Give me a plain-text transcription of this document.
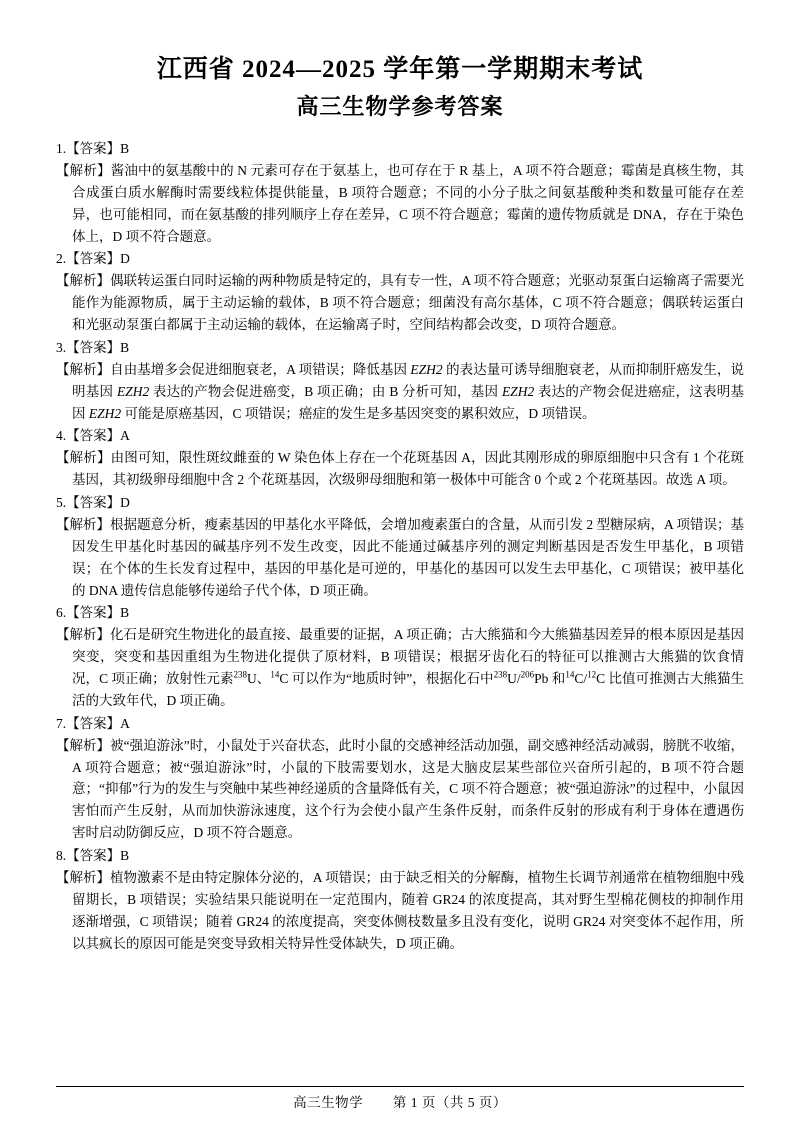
江西省 2024—2025 学年第一学期期末考试
高三生物学参考答案
1.【答案】B
【解析】酱油中的氨基酸中的 N 元素可存在于氨基上，也可存在于 R 基上，A 项不符合题意；霉菌是真核生物，其合成蛋白质水解酶时需要线粒体提供能量，B 项符合题意；不同的小分子肽之间氨基酸种类和数量可能存在差异，也可能相同，而在氨基酸的排列顺序上存在差异，C 项不符合题意；霉菌的遗传物质就是 DNA，存在于染色体上，D 项不符合题意。
2.【答案】D
【解析】偶联转运蛋白同时运输的两种物质是特定的，具有专一性，A 项不符合题意；光驱动泵蛋白运输离子需要光能作为能源物质，属于主动运输的载体，B 项不符合题意；细菌没有高尔基体，C 项不符合题意；偶联转运蛋白和光驱动泵蛋白都属于主动运输的载体，在运输离子时，空间结构都会改变，D 项符合题意。
3.【答案】B
【解析】自由基增多会促进细胞衰老，A 项错误；降低基因 EZH2 的表达量可诱导细胞衰老，从而抑制肝癌发生，说明基因 EZH2 表达的产物会促进癌变，B 项正确；由 B 分析可知，基因 EZH2 表达的产物会促进癌症，这表明基因 EZH2 可能是原癌基因，C 项错误；癌症的发生是多基因突变的累积效应，D 项错误。
4.【答案】A
【解析】由图可知，限性斑纹雌蚕的 W 染色体上存在一个花斑基因 A，因此其刚形成的卵原细胞中只含有 1 个花斑基因，其初级卵母细胞中含 2 个花斑基因，次级卵母细胞和第一极体中可能含 0 个或 2 个花斑基因。故选 A 项。
5.【答案】D
【解析】根据题意分析，瘦素基因的甲基化水平降低，会增加瘦素蛋白的含量，从而引发 2 型糖尿病，A 项错误；基因发生甲基化时基因的碱基序列不发生改变，因此不能通过碱基序列的测定判断基因是否发生甲基化，B 项错误；在个体的生长发育过程中，基因的甲基化是可逆的，甲基化的基因可以发生去甲基化，C 项错误；被甲基化的 DNA 遗传信息能够传递给子代个体，D 项正确。
6.【答案】B
【解析】化石是研究生物进化的最直接、最重要的证据，A 项正确；古大熊猫和今大熊猫基因差异的根本原因是基因突变，突变和基因重组为生物进化提供了原材料，B 项错误；根据牙齿化石的特征可以推测古大熊猫的饮食情况，C 项正确；放射性元素$^{238}$U、$^{14}$C 可以作为“地质时钟”，根据化石中$^{238}$U/$^{206}$Pb 和$^{14}$C/$^{12}$C 比值可推测古大熊猫生活的大致年代，D 项正确。
7.【答案】A
【解析】被“强迫游泳”时，小鼠处于兴奋状态，此时小鼠的交感神经活动加强，副交感神经活动减弱，膀胱不收缩，A 项符合题意；被“强迫游泳”时，小鼠的下肢需要划水，这是大脑皮层某些部位兴奋所引起的，B 项不符合题意；“抑郁”行为的发生与突触中某些神经递质的含量降低有关，C 项不符合题意；被“强迫游泳”的过程中，小鼠因害怕而产生反射，从而加快游泳速度，这个行为会使小鼠产生条件反射，而条件反射的形成有利于身体在遭遇伤害时启动防御反应，D 项不符合题意。
8.【答案】B
【解析】植物激素不是由特定腺体分泌的，A 项错误；由于缺乏相关的分解酶，植物生长调节剂通常在植物细胞中残留期长，B 项错误；实验结果只能说明在一定范围内，随着 GR24 的浓度提高，其对野生型棉花侧枝的抑制作用逐渐增强，C 项错误；随着 GR24 的浓度提高，突变体侧枝数量多且没有变化，说明 GR24 对突变体不起作用，所以其疯长的原因可能是突变导致相关特异性受体缺失，D 项正确。
高三生物学 第 1 页（共 5 页）
